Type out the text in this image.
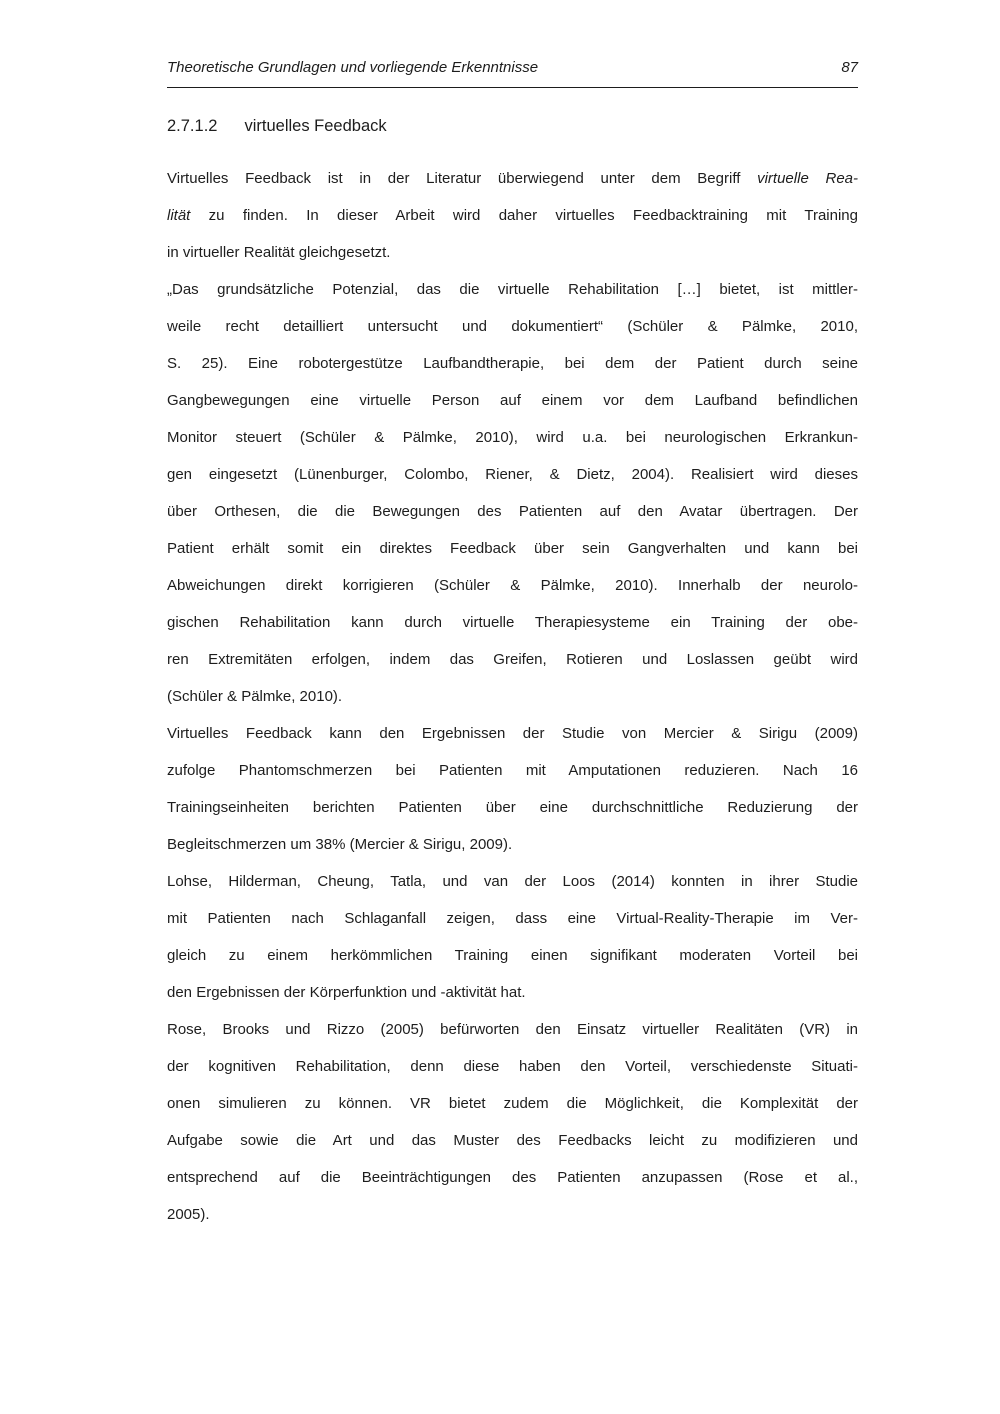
Theoretische Grundlagen und vorliegende Erkenntnisse	87
2.7.1.2 virtuelles Feedback
Virtuelles Feedback ist in der Literatur überwiegend unter dem Begriff virtuelle Rea-
lität zu finden. In dieser Arbeit wird daher virtuelles Feedbacktraining mit Training
in virtueller Realität gleichgesetzt.
„Das grundsätzliche Potenzial, das die virtuelle Rehabilitation […] bietet, ist mittler-
weile recht detailliert untersucht und dokumentiert“ (Schüler & Pälmke, 2010,
S. 25). Eine robotergestütze Laufbandtherapie, bei dem der Patient durch seine
Gangbewegungen eine virtuelle Person auf einem vor dem Laufband befindlichen
Monitor steuert (Schüler & Pälmke, 2010), wird u.a. bei neurologischen Erkrankun-
gen eingesetzt (Lünenburger, Colombo, Riener, & Dietz, 2004). Realisiert wird dieses
über Orthesen, die die Bewegungen des Patienten auf den Avatar übertragen. Der
Patient erhält somit ein direktes Feedback über sein Gangverhalten und kann bei
Abweichungen direkt korrigieren (Schüler & Pälmke, 2010). Innerhalb der neurolo-
gischen Rehabilitation kann durch virtuelle Therapiesysteme ein Training der obe-
ren Extremitäten erfolgen, indem das Greifen, Rotieren und Loslassen geübt wird
(Schüler & Pälmke, 2010).
Virtuelles Feedback kann den Ergebnissen der Studie von Mercier & Sirigu (2009)
zufolge Phantomschmerzen bei Patienten mit Amputationen reduzieren. Nach 16
Trainingseinheiten berichten Patienten über eine durchschnittliche Reduzierung der
Begleitschmerzen um 38% (Mercier & Sirigu, 2009).
Lohse, Hilderman, Cheung, Tatla, und van der Loos (2014) konnten in ihrer Studie
mit Patienten nach Schlaganfall zeigen, dass eine Virtual-Reality-Therapie im Ver-
gleich zu einem herkömmlichen Training einen signifikant moderaten Vorteil bei
den Ergebnissen der Körperfunktion und -aktivität hat.
Rose, Brooks und Rizzo (2005) befürworten den Einsatz virtueller Realitäten (VR) in
der kognitiven Rehabilitation, denn diese haben den Vorteil, verschiedenste Situati-
onen simulieren zu können. VR bietet zudem die Möglichkeit, die Komplexität der
Aufgabe sowie die Art und das Muster des Feedbacks leicht zu modifizieren und
entsprechend auf die Beeinträchtigungen des Patienten anzupassen (Rose et al.,
2005).
